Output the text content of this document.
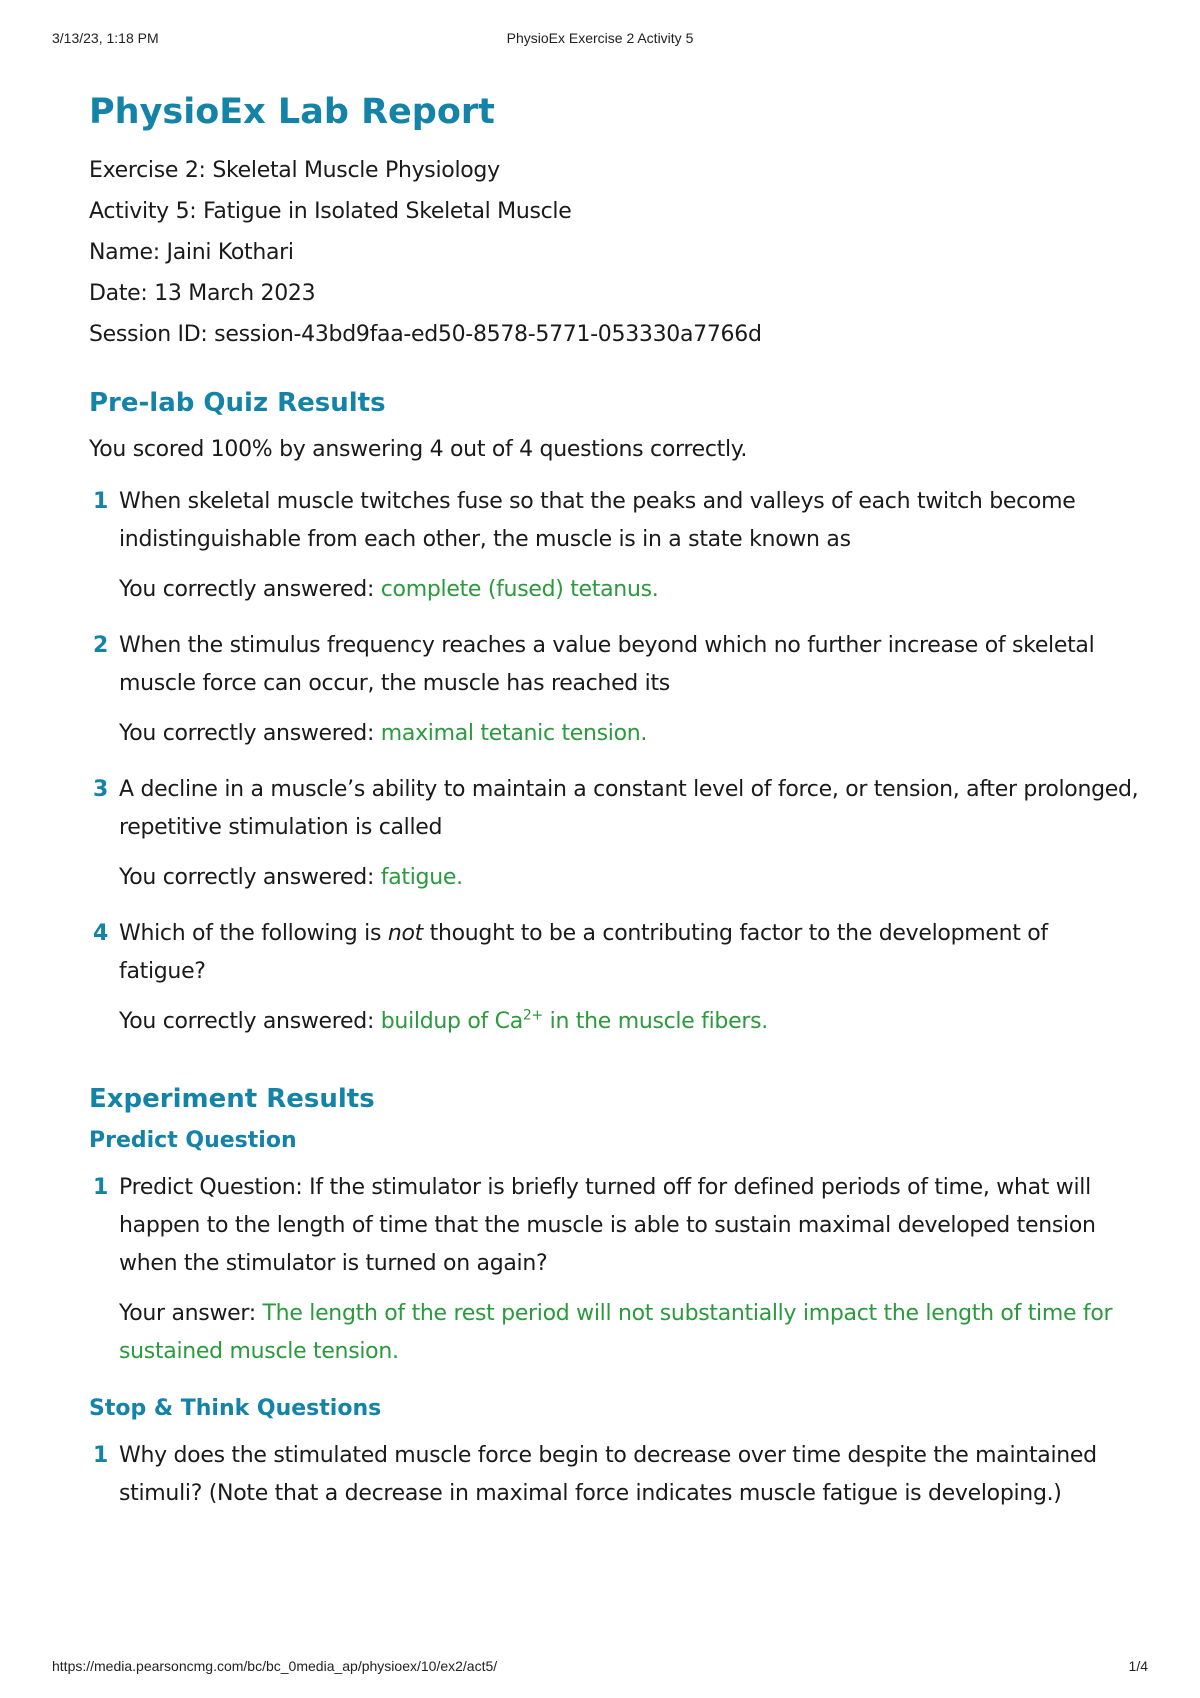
3/13/23, 1:18 PM	PhysioEx Exercise 2 Activity 5
PhysioEx Lab Report
Exercise 2: Skeletal Muscle Physiology
Activity 5: Fatigue in Isolated Skeletal Muscle
Name: Jaini Kothari
Date: 13 March 2023
Session ID: session-43bd9faa-ed50-8578-5771-053330a7766d
Pre-lab Quiz Results
You scored 100% by answering 4 out of 4 questions correctly.
1 When skeletal muscle twitches fuse so that the peaks and valleys of each twitch become indistinguishable from each other, the muscle is in a state known as
You correctly answered: complete (fused) tetanus.
2 When the stimulus frequency reaches a value beyond which no further increase of skeletal muscle force can occur, the muscle has reached its
You correctly answered: maximal tetanic tension.
3 A decline in a muscle’s ability to maintain a constant level of force, or tension, after prolonged, repetitive stimulation is called
You correctly answered: fatigue.
4 Which of the following is not thought to be a contributing factor to the development of fatigue?
You correctly answered: buildup of $Ca^{2+}$ in the muscle fibers.
Experiment Results
Predict Question
1 Predict Question: If the stimulator is briefly turned off for defined periods of time, what will happen to the length of time that the muscle is able to sustain maximal developed tension when the stimulator is turned on again?
Your answer: The length of the rest period will not substantially impact the length of time for sustained muscle tension.
Stop & Think Questions
1 Why does the stimulated muscle force begin to decrease over time despite the maintained stimuli? (Note that a decrease in maximal force indicates muscle fatigue is developing.)
https://media.pearsoncmg.com/bc/bc_0media_ap/physioex/10/ex2/act5/	1/4
